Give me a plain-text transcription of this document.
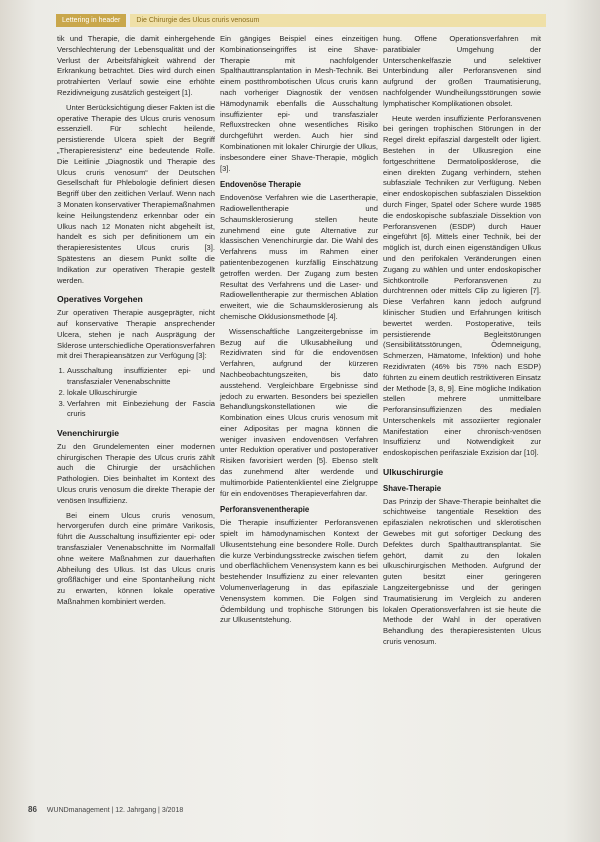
Lettering in header	Die Chirurgie des Ulcus cruris venosum

tik und Therapie, die damit einhergehende Verschlechterung der Lebensqualität und der Verlust der Arbeitsfähigkeit während der Erkrankung betrachtet. Dies wird durch einen protrahierten Verlauf sowie eine erhöhte Rezidivneigung zusätzlich gesteigert [1].

Unter Berücksichtigung dieser Fakten ist die operative Therapie des Ulcus cruris venosum essenziell. Für schlecht heilende, persistierende Ulcera spielt der Begriff „Therapieresistenz“ eine bedeutende Rolle. Die Leitlinie „Diagnostik und Therapie des Ulcus cruris venosum“ der Deutschen Gesellschaft für Phlebologie definiert diesen Begriff über den zeitlichen Verlauf. Wenn nach 3 Monaten konservativer Therapiemaßnahmen keine Heilungstendenz erkennbar oder ein Ulkus nach 12 Monaten nicht abgeheilt ist, handelt es sich per definitionem um ein therapieresistentes Ulcus cruris [3]. Spätestens an diesem Punkt sollte die Indikation zur operativen Therapie gestellt werden.

Operatives Vorgehen

Zur operativen Therapie ausgeprägter, nicht auf konservative Therapie ansprechender Ulcera, stehen je nach Ausprägung der Sklerose unterschiedliche Operationsverfahren mit drei Therapieansätzen zur Verfügung [3]:

1. Ausschaltung insuffizienter epi- und transfaszialer Venenabschnitte
2. lokale Ulkuschirurgie
3. Verfahren mit Einbeziehung der Fascia cruris
Venenchirurgie

Zu den Grundelementen einer modernen chirurgischen Therapie des Ulcus cruris zählt auch die Chirurgie der ursächlichen Pathologien. Dies beinhaltet im Kontext des Ulcus cruris venosum die direkte Therapie der venösen Insuffizienz.

Bei einem Ulcus cruris venosum, hervorgerufen durch eine primäre Varikosis, führt die Ausschaltung insuffizienter epi- oder transfaszialer Venenabschnitte im Normalfall ohne weitere Maßnahmen zur dauerhaften Abheilung des Ulkus. Ist das Ulcus cruris großflächiger und eine Spontanheilung nicht zu erwarten, können lokale operative Maßnahmen kombiniert werden.

Ein gängiges Beispiel eines einzeitigen Kombinationseingriffes ist eine Shave-Therapie mit nachfolgender Spalthauttransplantation in Mesh-Technik. Bei einem postthrombotischen Ulcus cruris kann nach vorheriger Diagnostik der venösen Hämodynamik ebenfalls die Ausschaltung insuffizienter epi- und transfaszialer Refluxstrecken ohne wesentliches Risiko durchgeführt werden. Auch hier sind Kombinationen mit lokaler Chirurgie der Ulkus, insbesondere einer Shave-Therapie, möglich [3].

Endovenöse Therapie

Endovenöse Verfahren wie die Lasertherapie, Radiowellentherapie und Schaumsklerosierung stellen heute zunehmend eine gute Alternative zur klassischen Venenchirurgie dar. Die Wahl des Verfahrens muss im Rahmen einer patientenbezogenen kurzfällig Einschätzung getroffen werden. Der Zugang zum besten Resultat des Verfahrens und die Laser- und Radiowellentherapie zur thermischen Ablation erweitert, wie die Schaumsklerosierung als chemische Okklusionsmethode [4].

Wissenschaftliche Langzeitergebnisse im Bezug auf die Ulkusabheilung und Rezidivraten sind für die endovenösen Verfahren, aufgrund der kürzeren Nachbeobachtungszeiten, bis dato ausstehend. Vergleichbare Ergebnisse sind jedoch zu erwarten. Besonders bei speziellen Behandlungskonstellationen wie die Kombination eines Ulcus cruris venosum mit einer Adipositas per magna können die weniger invasiven endovenösen Verfahren unter Reduktion operativer und postoperativer Risiken favorisiert werden [5]. Ebenso stellt das zunehmend älter werdende und multimorbide Patientenklientel eine Zielgruppe für ein endovenöses Therapieverfahren dar.

Perforansvenentherapie

Die Therapie insuffizienter Perforansvenen spielt im hämodynamischen Kontext der Ulkusentstehung eine besondere Rolle. Durch die kurze Verbindungsstrecke zwischen tiefem und oberflächlichem Venensystem kann es bei bestehender Insuffizienz zu einer relevanten Volumenverlagerung in das epifasziale Venensystem kommen. Die Folgen sind Ödembildung und trophische Störungen bis zur Ulkusentstehung.

hung. Offene Operationsverfahren mit paratibialer Umgehung der Unterschenkelfaszie und selektiver Unterbindung aller Perforansvenen sind aufgrund der großen Traumatisierung, nachfolgender Wundheilungsstörungen sowie lymphatischer Komplikationen obsolet.

Heute werden insuffiziente Perforansvenen bei geringen trophischen Störungen in der Regel direkt epifaszial dargestellt oder ligiert. Bestehen in der Ulkusregion eine fortgeschrittene Dermatoliposklerose, die einen direkten Zugang verhindern, stehen subfasziale Techniken zur Verfügung. Neben einer endoskopischen subfaszialen Dissektion durch Finger, Spatel oder Schere wurde 1985 die endoskopische subfasziale Dissektion von Perforansvenen (ESDP) durch Hauer eingeführt [6]. Mittels einer Technik, bei der möglich ist, durch einen eigenständigen Ulkus und den perifokalen Veränderungen einen Zugang zu wählen und unter endoskopischer Sichtkontrolle Perforansvenen zu durchtrennen oder mittels Clip zu ligieren [7]. Diese Verfahren kann jedoch aufgrund klinischer Studien und Erfahrungen kritisch bewertet werden. Postoperative, teils persistierende Begleitstörungen (Sensibilitätsstörungen, Ödemneigung, Schmerzen, Hämatome, Infektion) und hohe Rezidivraten (46% bis 75% nach ESDP) führten zu einem deutlich restriktiveren Einsatz der Methode [3, 8, 9]. Eine mögliche Indikation stellen mehrere unmittelbare Perforansinsuffizienzen des medialen Unterschenkels mit assoziierter regionaler Manifestation einer chronisch-venösen Insuffizienz und Notwendigkeit zur endoskopischen perifasziale Exzision dar [10].

Ulkuschirurgie
Shave-Therapie

Das Prinzip der Shave-Therapie beinhaltet die schichtweise tangentiale Resektion des epifaszialen nekrotischen und sklerotischen Gewebes mit gut sofortiger Deckung des Defektes durch Spalthauttransplantat. Sie gehört, damit zu den lokalen ulkuschirurgischen Methoden. Aufgrund der guten besitzt einer geringeren Langzeitergebnisse und der geringen Traumatisierung im Vergleich zu anderen lokalen Operationsverfahren ist sie heute die Methode der Wahl in der operativen Behandlung des therapieresistenten Ulcus cruris venosum.

86 WUNDmanagement | 12. Jahrgang | 3/2018
